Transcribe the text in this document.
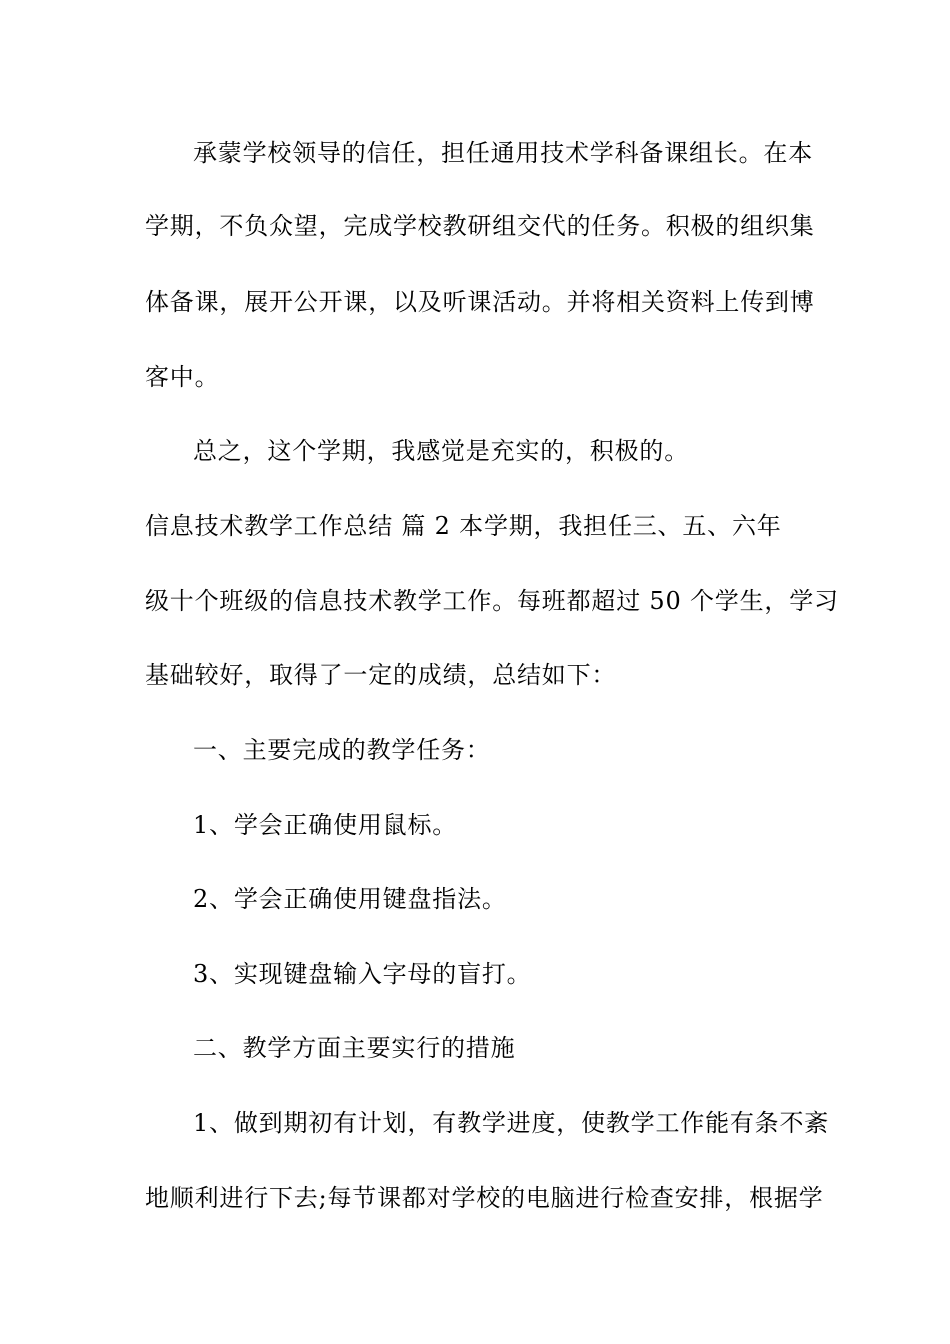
承蒙学校领导的信任，担任通用技术学科备课组长。在本
学期，不负众望，完成学校教研组交代的任务。积极的组织集
体备课，展开公开课，以及听课活动。并将相关资料上传到博
客中。
总之，这个学期，我感觉是充实的，积极的。
信息技术教学工作总结 篇 2 本学期，我担任三、五、六年
级十个班级的信息技术教学工作。每班都超过 50 个学生，学习
基础较好，取得了一定的成绩，总结如下：
一、主要完成的教学任务：
1、学会正确使用鼠标。
2、学会正确使用键盘指法。
3、实现键盘输入字母的盲打。
二、教学方面主要实行的措施
1、做到期初有计划，有教学进度，使教学工作能有条不紊
地顺利进行下去;每节课都对学校的电脑进行检查安排，根据学
